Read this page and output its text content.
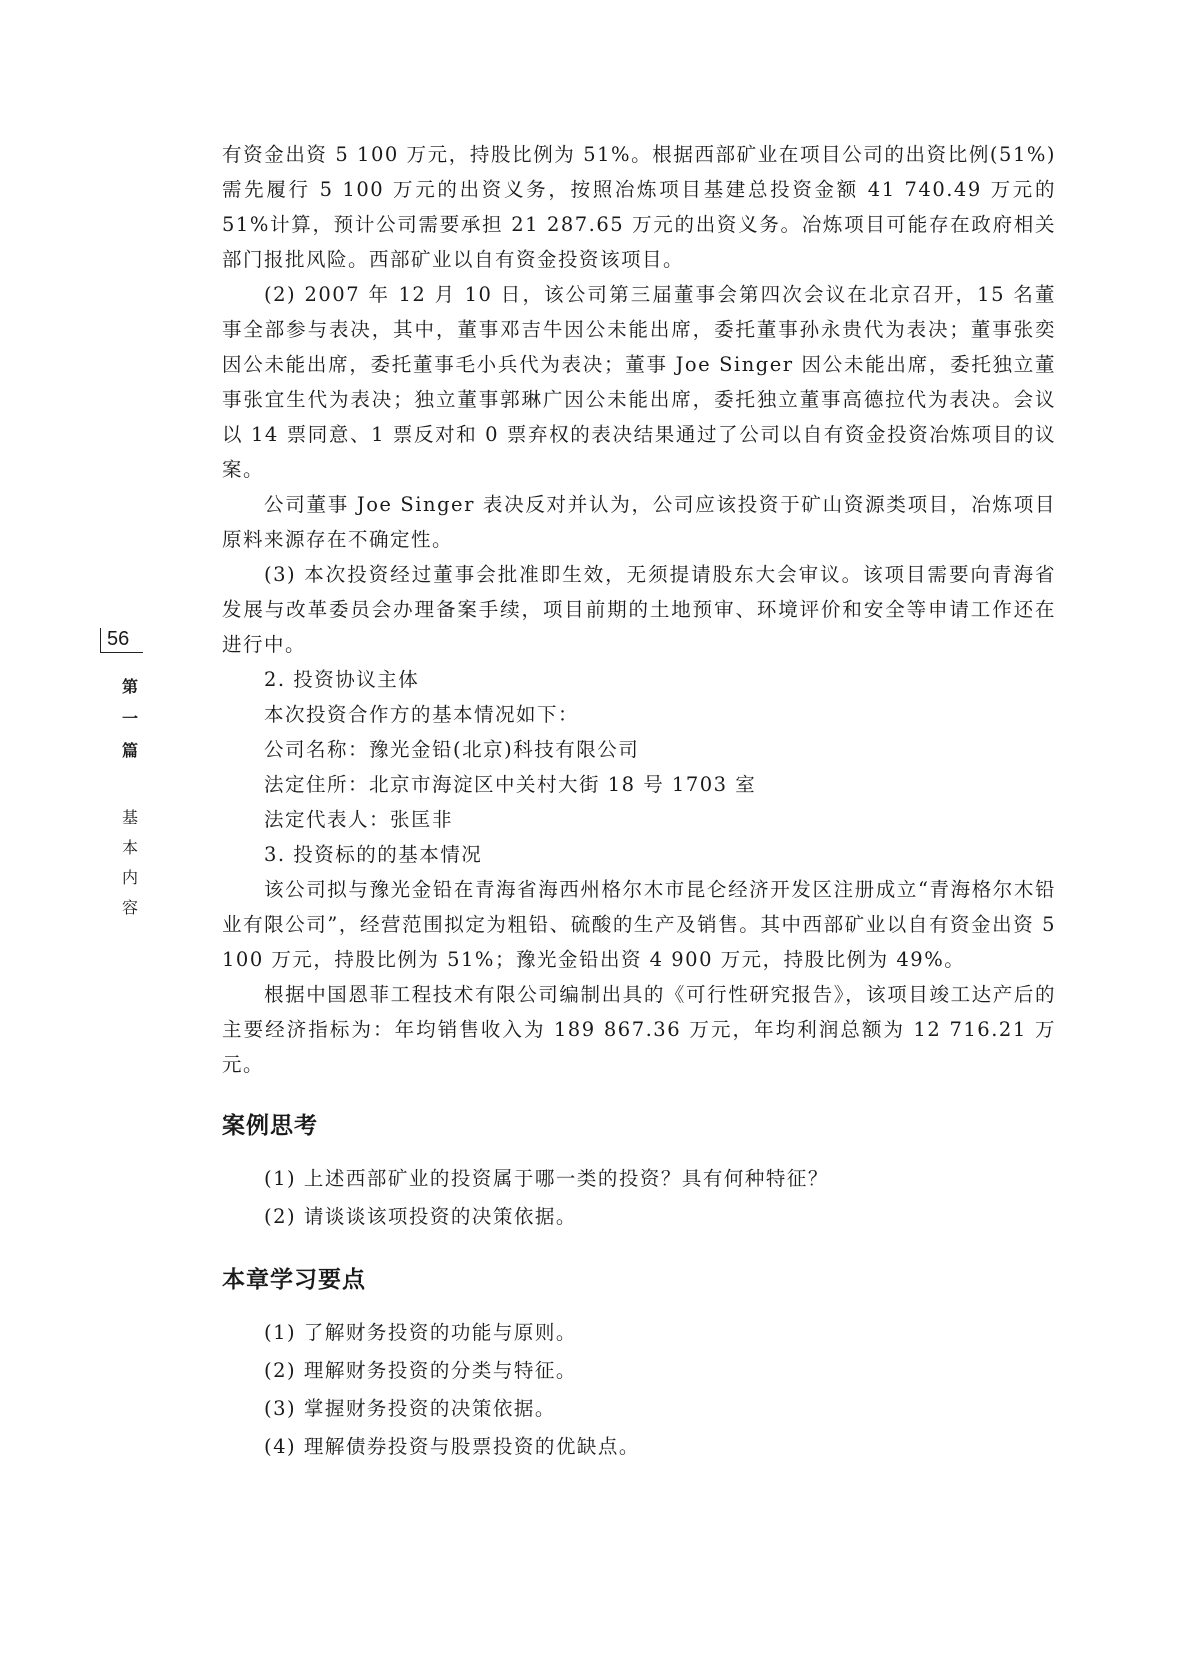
56
第
一
篇
基
本
内
容

有资金出资 5 100 万元，持股比例为 51%。根据西部矿业在项目公司的出资比例(51%)需先履行 5 100 万元的出资义务，按照冶炼项目基建总投资金额 41 740.49 万元的 51%计算，预计公司需要承担 21 287.65 万元的出资义务。冶炼项目可能存在政府相关部门报批风险。西部矿业以自有资金投资该项目。

(2) 2007 年 12 月 10 日，该公司第三届董事会第四次会议在北京召开，15 名董事全部参与表决，其中，董事邓吉牛因公未能出席，委托董事孙永贵代为表决；董事张奕因公未能出席，委托董事毛小兵代为表决；董事 Joe Singer 因公未能出席，委托独立董事张宜生代为表决；独立董事郭琳广因公未能出席，委托独立董事高德拉代为表决。会议以 14 票同意、1 票反对和 0 票弃权的表决结果通过了公司以自有资金投资冶炼项目的议案。

公司董事 Joe Singer 表决反对并认为，公司应该投资于矿山资源类项目，冶炼项目原料来源存在不确定性。

(3) 本次投资经过董事会批准即生效，无须提请股东大会审议。该项目需要向青海省发展与改革委员会办理备案手续，项目前期的土地预审、环境评价和安全等申请工作还在进行中。

2. 投资协议主体

本次投资合作方的基本情况如下：

公司名称：豫光金铅(北京)科技有限公司

法定住所：北京市海淀区中关村大街 18 号 1703 室

法定代表人：张匡非

3. 投资标的的基本情况

该公司拟与豫光金铅在青海省海西州格尔木市昆仑经济开发区注册成立“青海格尔木铅业有限公司”，经营范围拟定为粗铅、硫酸的生产及销售。其中西部矿业以自有资金出资 5 100 万元，持股比例为 51%；豫光金铅出资 4 900 万元，持股比例为 49%。

根据中国恩菲工程技术有限公司编制出具的《可行性研究报告》，该项目竣工达产后的主要经济指标为：年均销售收入为 189 867.36 万元，年均利润总额为 12 716.21 万元。

案例思考

(1) 上述西部矿业的投资属于哪一类的投资？具有何种特征？

(2) 请谈谈该项投资的决策依据。

本章学习要点

(1) 了解财务投资的功能与原则。

(2) 理解财务投资的分类与特征。

(3) 掌握财务投资的决策依据。

(4) 理解债券投资与股票投资的优缺点。
